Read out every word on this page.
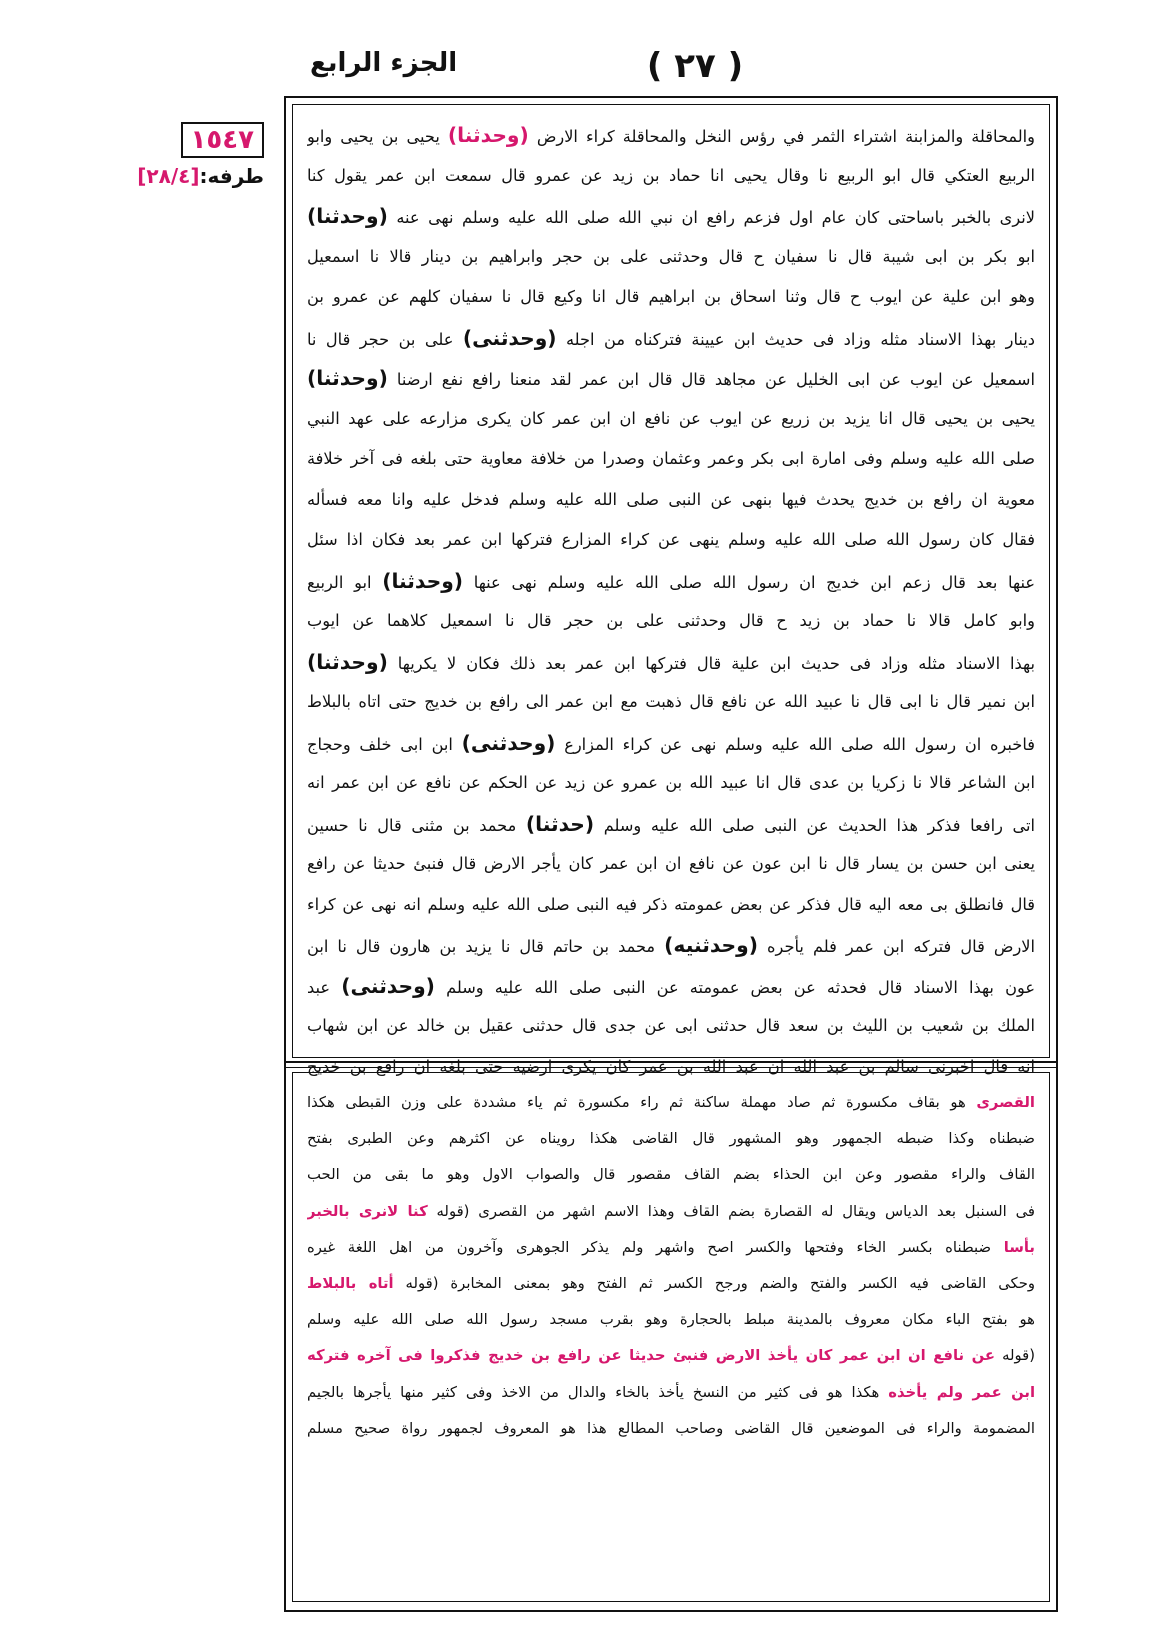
( ٢٧ )
الجزء الرابع
١٥٤٧
طرفه:[٢٨/٤]
والمحاقلة والمزابنة اشتراء الثمر في رؤس النخل والمحاقلة كراء الارض (وحدثنا) يحيى بن يحيى وابو
الربيع العتكي قال ابو الربيع نا وقال يحيى انا حماد بن زيد عن عمرو قال سمعت ابن عمر يقول كنا
لانرى بالخبر باساحتى كان عام اول فزعم رافع ان نبي الله صلى الله عليه وسلم نهى عنه (وحدثنا)
ابو بكر بن ابى شيبة قال نا سفيان ح قال وحدثنى على بن حجر وابراهيم بن دينار قالا نا اسمعيل
وهو ابن علية عن ايوب ح قال وثنا اسحاق بن ابراهيم قال انا وكيع قال نا سفيان كلهم عن عمرو بن
دينار بهذا الاسناد مثله وزاد فى حديث ابن عيينة فتركناه من اجله (وحدثنى) على بن حجر قال نا
اسمعيل عن ايوب عن ابى الخليل عن مجاهد قال قال ابن عمر لقد منعنا رافع نفع ارضنا (وحدثنا)
يحيى بن يحيى قال انا يزيد بن زريع عن ايوب عن نافع ان ابن عمر كان يكرى مزارعه على عهد النبي
صلى الله عليه وسلم وفى امارة ابى بكر وعمر وعثمان وصدرا من خلافة معاوية حتى بلغه فى آخر خلافة
معوية ان رافع بن خديج يحدث فيها بنهى عن النبى صلى الله عليه وسلم فدخل عليه وانا معه فسأله
فقال كان رسول الله صلى الله عليه وسلم ينهى عن كراء المزارع فتركها ابن عمر بعد فكان اذا سئل
عنها بعد قال زعم ابن خديج ان رسول الله صلى الله عليه وسلم نهى عنها (وحدثنا) ابو الربيع
وابو كامل قالا نا حماد بن زيد ح قال وحدثنى على بن حجر قال نا اسمعيل كلاهما عن ايوب
بهذا الاسناد مثله وزاد فى حديث ابن علية قال فتركها ابن عمر بعد ذلك فكان لا يكريها (وحدثنا)
ابن نمير قال نا ابى قال نا عبيد الله عن نافع قال ذهبت مع ابن عمر الى رافع بن خديج حتى اتاه بالبلاط
فاخبره ان رسول الله صلى الله عليه وسلم نهى عن كراء المزارع (وحدثنى) ابن ابى خلف وحجاج
ابن الشاعر قالا نا زكريا بن عدى قال انا عبيد الله بن عمرو عن زيد عن الحكم عن نافع عن ابن عمر انه
اتى رافعا فذكر هذا الحديث عن النبى صلى الله عليه وسلم (حدثنا) محمد بن مثنى قال نا حسين
يعنى ابن حسن بن يسار قال نا ابن عون عن نافع ان ابن عمر كان يأجر الارض قال فنبئ حديثا عن رافع
قال فانطلق بى معه اليه قال فذكر عن بعض عمومته ذكر فيه النبى صلى الله عليه وسلم انه نهى عن كراء
الارض قال فتركه ابن عمر فلم يأجره (وحدثنيه) محمد بن حاتم قال نا يزيد بن هارون قال نا ابن
عون بهذا الاسناد قال فحدثه عن بعض عمومته عن النبى صلى الله عليه وسلم (وحدثنى) عبد
الملك بن شعيب بن الليث بن سعد قال حدثنى ابى عن جدى قال حدثنى عقيل بن خالد عن ابن شهاب
انه قال اخبرنى سالم بن عبد الله ان عبد الله بن عمر كان يكرى ارضيه حتى بلغه ان رافع بن خديج
القصرى هو بقاف مكسورة ثم صاد مهملة ساكنة ثم راء مكسورة ثم ياء مشددة على وزن القبطى هكذا
ضبطناه وكذا ضبطه الجمهور وهو المشهور قال القاضى هكذا رويناه عن اكثرهم وعن الطبرى بفتح
القاف والراء مقصور وعن ابن الحذاء بضم القاف مقصور قال والصواب الاول وهو ما بقى من الحب
فى السنبل بعد الدياس ويقال له القصارة بضم القاف وهذا الاسم اشهر من القصرى (قوله كنا لانرى بالخبر
بأسا ضبطناه بكسر الخاء وفتحها والكسر اصح واشهر ولم يذكر الجوهرى وآخرون من اهل اللغة غيره
وحكى القاضى فيه الكسر والفتح والضم ورجح الكسر ثم الفتح وهو بمعنى المخابرة (قوله أتاه بالبلاط
هو بفتح الباء مكان معروف بالمدينة مبلط بالحجارة وهو بقرب مسجد رسول الله صلى الله عليه وسلم
(قوله عن نافع ان ابن عمر كان يأخذ الارض فنبئ حديثا عن رافع بن خديج فذكروا فى آخره فتركه
ابن عمر ولم يأخذه هكذا هو فى كثير من النسخ يأخذ بالخاء والدال من الاخذ وفى كثير منها يأجرها بالجيم
المضمومة والراء فى الموضعين قال القاضى وصاحب المطالع هذا هو المعروف لجمهور رواة صحيح مسلم
